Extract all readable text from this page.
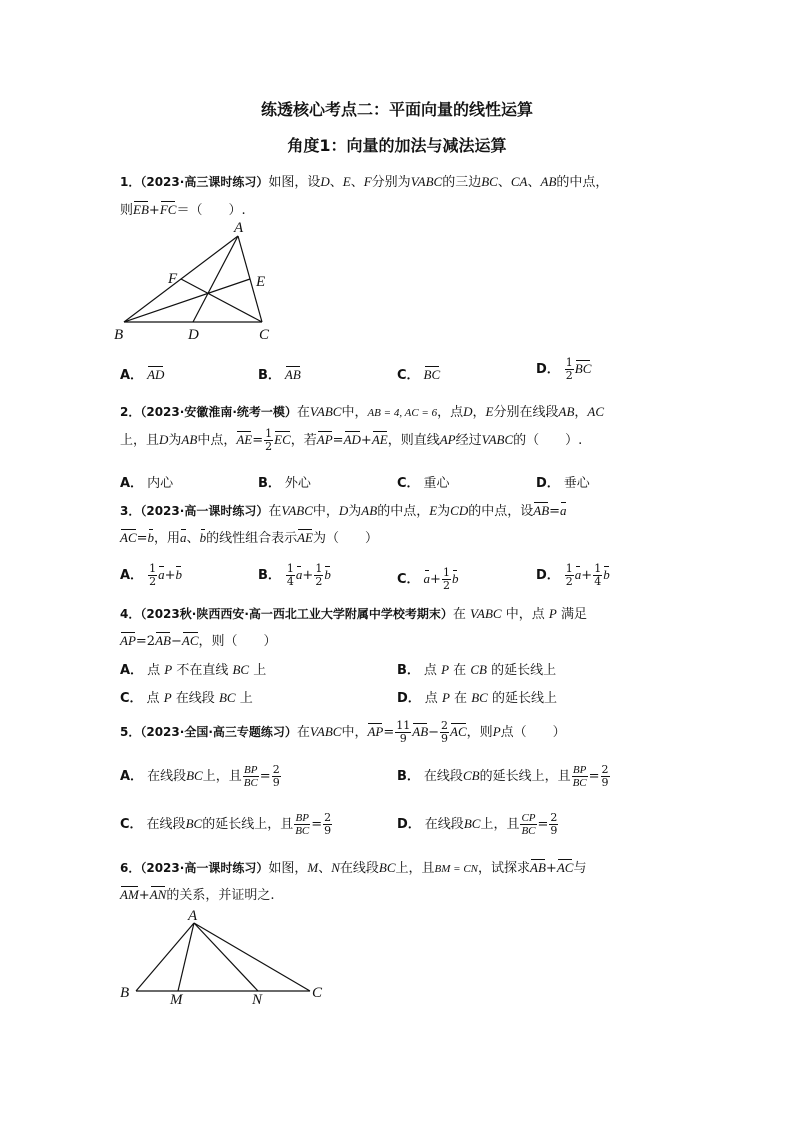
练透核心考点二：平面向量的线性运算
角度1：向量的加法与减法运算
1．（2023·高三课时练习）如图，设D、E、F分别为VABC的三边BC、CA、AB的中点，
则EB+FC＝（　　）.
A
B	C
D
E
F
A． AD	B． AB	C． BC	D． $\frac{1}{2}$ BC
2．（2023·安徽淮南·统考一模）在VABC中，AB = 4, AC = 6，点D，E分别在线段AB，AC
上，且D为AB中点，$AE= \frac{1}{2}$ EC，若AP=AD+AE，则直线AP经过VABC的（　　）.
A． 内心	B． 外心	C． 重心	D． 垂心
3．（2023·高一课时练习）在VABC中，D为AB的中点，E为CD的中点，设AB=a
AC=b，用a、b的线性组合表示AE为（　　）
A． $\frac{1}{2} a+b$	B． $\frac{1}{4} a+ \frac{1}{2}$ b	C． $a+ \frac{1}{2}$ b	D． $\frac{1}{2} a+ \frac{1}{4}$ b
4．（2023秋·陕西西安·高一西北工业大学附属中学校考期末）在 VABC 中，点 P 满足
AP=2AB−AC，则（　　）
A． 点 P 不在直线 BC 上	B． 点 P 在 CB 的延长线上
C． 点 P 在线段 BC 上	D． 点 P 在 BC 的延长线上
5．（2023·全国·高三专题练习）在VABC中，$AP= \frac{11}{9} AB- \frac{2}{9}$ AC，则P点（　　）
A． 在线段BC上，且 $\frac{BP}{BC} = \frac{2}{9}$	B． 在线段CB的延长线上，且 $\frac{BP}{BC} = \frac{2}{9}$
C． 在线段BC的延长线上，且 $\frac{BP}{BC} = \frac{2}{9}$	D． 在线段BC上，且 $\frac{CP}{BC} = \frac{2}{9}$
6．（2023·高一课时练习）如图，M、N在线段BC上，且BM = CN，试探求AB+AC与
AM+AN的关系，并证明之.
A
B	C
M	N
